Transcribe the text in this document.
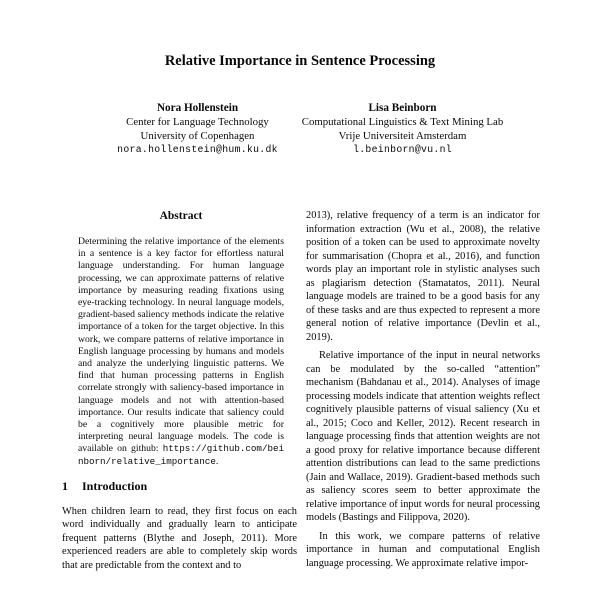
Relative Importance in Sentence Processing
Nora Hollenstein
Center for Language Technology
University of Copenhagen
nora.hollenstein@hum.ku.dk
Lisa Beinborn
Computational Linguistics & Text Mining Lab
Vrije Universiteit Amsterdam
l.beinborn@vu.nl
Abstract

Determining the relative importance of the elements in a sentence is a key factor for effortless natural language understanding. For human language processing, we can approximate patterns of relative importance by measuring reading fixations using eye-tracking technology. In neural language models, gradient-based saliency methods indicate the relative importance of a token for the target objective. In this work, we compare patterns of relative importance in English language processing by humans and models and analyze the underlying linguistic patterns. We find that human processing patterns in English correlate strongly with saliency-based importance in language models and not with attention-based importance. Our results indicate that saliency could be a cognitively more plausible metric for interpreting neural language models. The code is available on github: https://github.com/beinborn/relative_importance.

1 Introduction

When children learn to read, they first focus on each word individually and gradually learn to anticipate frequent patterns (Blythe and Joseph, 2011). More experienced readers are able to completely skip words that are predictable from the context and to

2013), relative frequency of a term is an indicator for information extraction (Wu et al., 2008), the relative position of a token can be used to approximate novelty for summarisation (Chopra et al., 2016), and function words play an important role in stylistic analyses such as plagiarism detection (Stamatatos, 2011). Neural language models are trained to be a good basis for any of these tasks and are thus expected to represent a more general notion of relative importance (Devlin et al., 2019).

Relative importance of the input in neural networks can be modulated by the so-called “attention” mechanism (Bahdanau et al., 2014). Analyses of image processing models indicate that attention weights reflect cognitively plausible patterns of visual saliency (Xu et al., 2015; Coco and Keller, 2012). Recent research in language processing finds that attention weights are not a good proxy for relative importance because different attention distributions can lead to the same predictions (Jain and Wallace, 2019). Gradient-based methods such as saliency scores seem to better approximate the relative importance of input words for neural processing models (Bastings and Filippova, 2020).

In this work, we compare patterns of relative importance in human and computational English language processing. We approximate relative impor-
